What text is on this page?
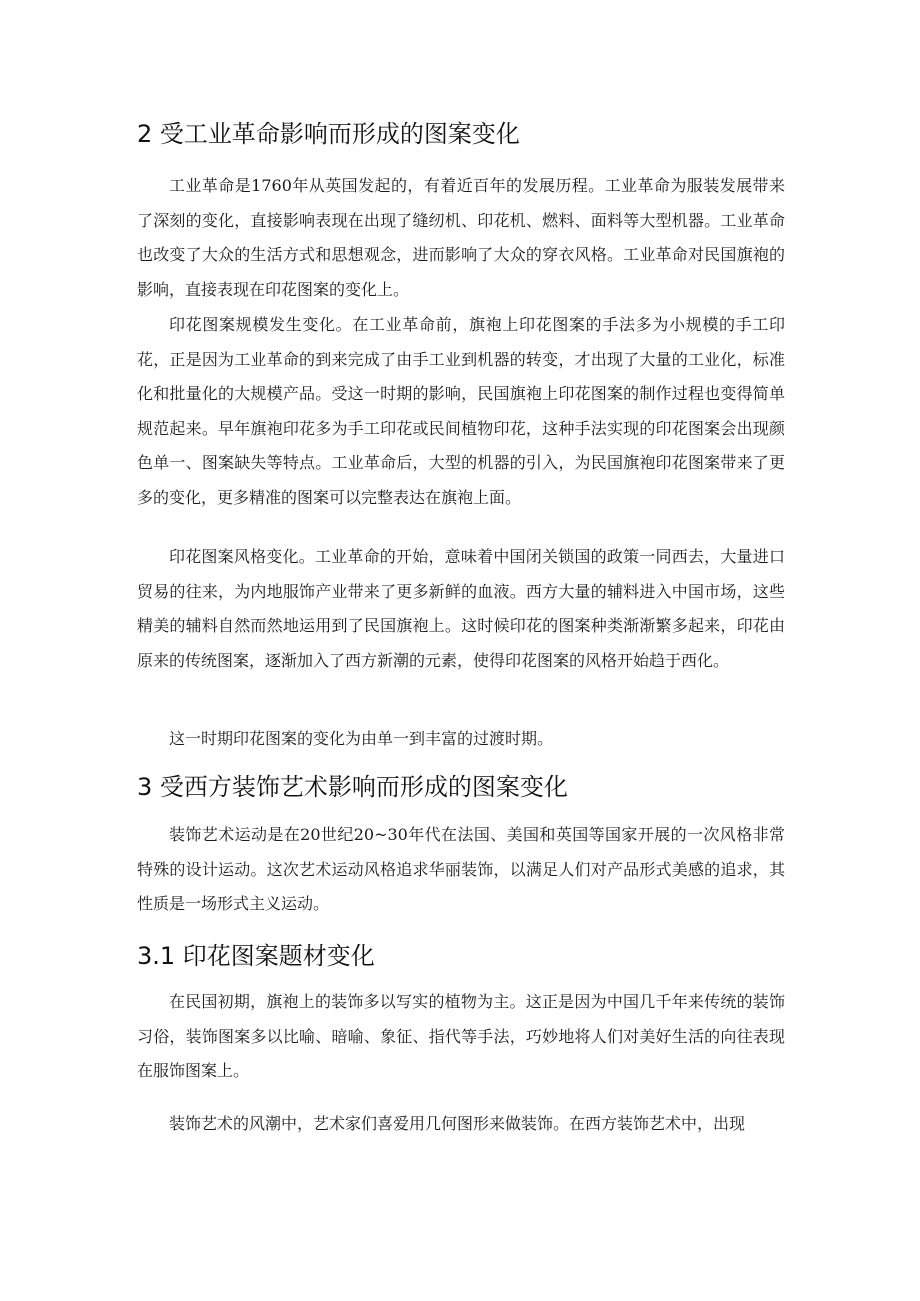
2 受工业革命影响而形成的图案变化

工业革命是1760年从英国发起的，有着近百年的发展历程。工业革命为服装发展带来了深刻的变化，直接影响表现在出现了缝纫机、印花机、燃料、面料等大型机器。工业革命也改变了大众的生活方式和思想观念，进而影响了大众的穿衣风格。工业革命对民国旗袍的影响，直接表现在印花图案的变化上。

印花图案规模发生变化。在工业革命前，旗袍上印花图案的手法多为小规模的手工印花，正是因为工业革命的到来完成了由手工业到机器的转变，才出现了大量的工业化，标准化和批量化的大规模产品。受这一时期的影响，民国旗袍上印花图案的制作过程也变得简单规范起来。早年旗袍印花多为手工印花或民间植物印花，这种手法实现的印花图案会出现颜色单一、图案缺失等特点。工业革命后，大型的机器的引入，为民国旗袍印花图案带来了更多的变化，更多精准的图案可以完整表达在旗袍上面。

印花图案风格变化。工业革命的开始，意味着中国闭关锁国的政策一同西去，大量进口贸易的往来，为内地服饰产业带来了更多新鲜的血液。西方大量的辅料进入中国市场，这些精美的辅料自然而然地运用到了民国旗袍上。这时候印花的图案种类渐渐繁多起来，印花由原来的传统图案，逐渐加入了西方新潮的元素，使得印花图案的风格开始趋于西化。

这一时期印花图案的变化为由单一到丰富的过渡时期。

3 受西方装饰艺术影响而形成的图案变化

装饰艺术运动是在20世纪20~30年代在法国、美国和英国等国家开展的一次风格非常特殊的设计运动。这次艺术运动风格追求华丽装饰，以满足人们对产品形式美感的追求，其性质是一场形式主义运动。

3.1 印花图案题材变化

在民国初期，旗袍上的装饰多以写实的植物为主。这正是因为中国几千年来传统的装饰习俗，装饰图案多以比喻、暗喻、象征、指代等手法，巧妙地将人们对美好生活的向往表现在服饰图案上。

装饰艺术的风潮中，艺术家们喜爱用几何图形来做装饰。在西方装饰艺术中，出现
